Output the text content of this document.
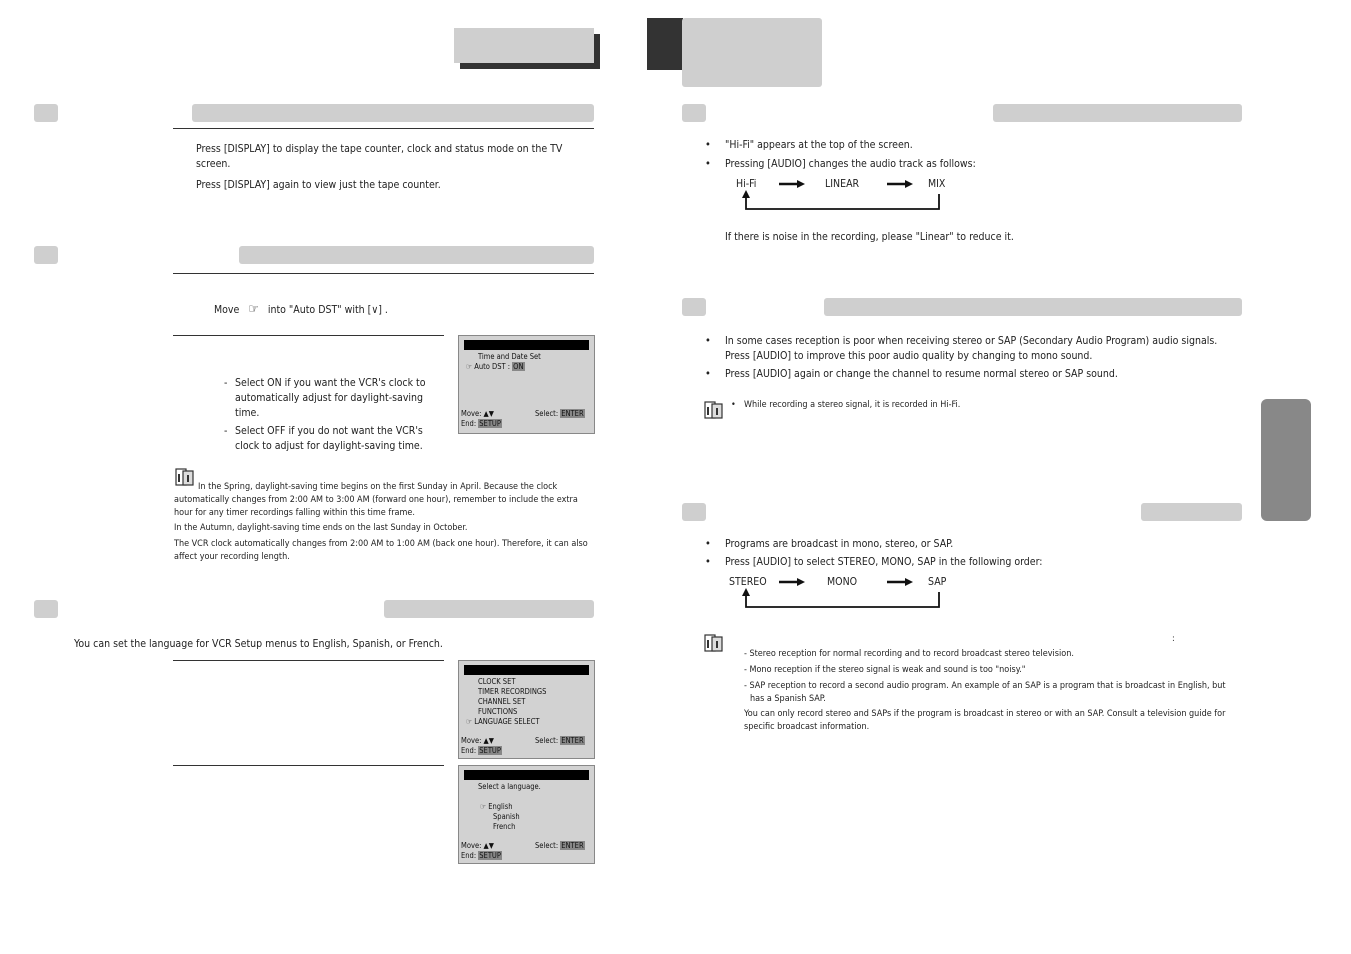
Press [DISPLAY] to display the tape counter, clock and status mode on the TV screen.
Press [DISPLAY] again to view just the tape counter.
Move ☞ into "Auto DST" with [∨] .
- Select ON if you want the VCR's clock to automatically adjust for daylight-saving time.
- Select OFF if you do not want the VCR's clock to adjust for daylight-saving time.
Time and Date Set
☞ Auto DST : ON
Move: ▲▼	Select: ENTER
End: SETUP
In the Spring, daylight-saving time begins on the first Sunday in April. Because the clock automatically changes from 2:00 AM to 3:00 AM (forward one hour), remember to include the extra hour for any timer recordings falling within this time frame.
In the Autumn, daylight-saving time ends on the last Sunday in October.
The VCR clock automatically changes from 2:00 AM to 1:00 AM (back one hour). Therefore, it can also affect your recording length.
You can set the language for VCR Setup menus to English, Spanish, or French.
CLOCK SET
TIMER RECORDINGS
CHANNEL SET
FUNCTIONS
☞ LANGUAGE SELECT
Move: ▲▼	Select: ENTER
End: SETUP
Select a language.
☞ English
Spanish
French
Move: ▲▼	Select: ENTER
End: SETUP
• "Hi-Fi" appears at the top of the screen.
• Pressing [AUDIO] changes the audio track as follows:
Hi-Fi	LINEAR	MIX
If there is noise in the recording, please "Linear" to reduce it.
• In some cases reception is poor when receiving stereo or SAP (Secondary Audio Program) audio signals. Press [AUDIO] to improve this poor audio quality by changing to mono sound.
• Press [AUDIO] again or change the channel to resume normal stereo or SAP sound.
• While recording a stereo signal, it is recorded in Hi-Fi.
• Programs are broadcast in mono, stereo, or SAP.
• Press [AUDIO] to select STEREO, MONO, SAP in the following order:
STEREO	MONO	SAP
:
- Stereo reception for normal recording and to record broadcast stereo television.
- Mono reception if the stereo signal is weak and sound is too "noisy."
- SAP reception to record a second audio program. An example of an SAP is a program that is broadcast in English, but has a Spanish SAP.
You can only record stereo and SAPs if the program is broadcast in stereo or with an SAP. Consult a television guide for specific broadcast information.
